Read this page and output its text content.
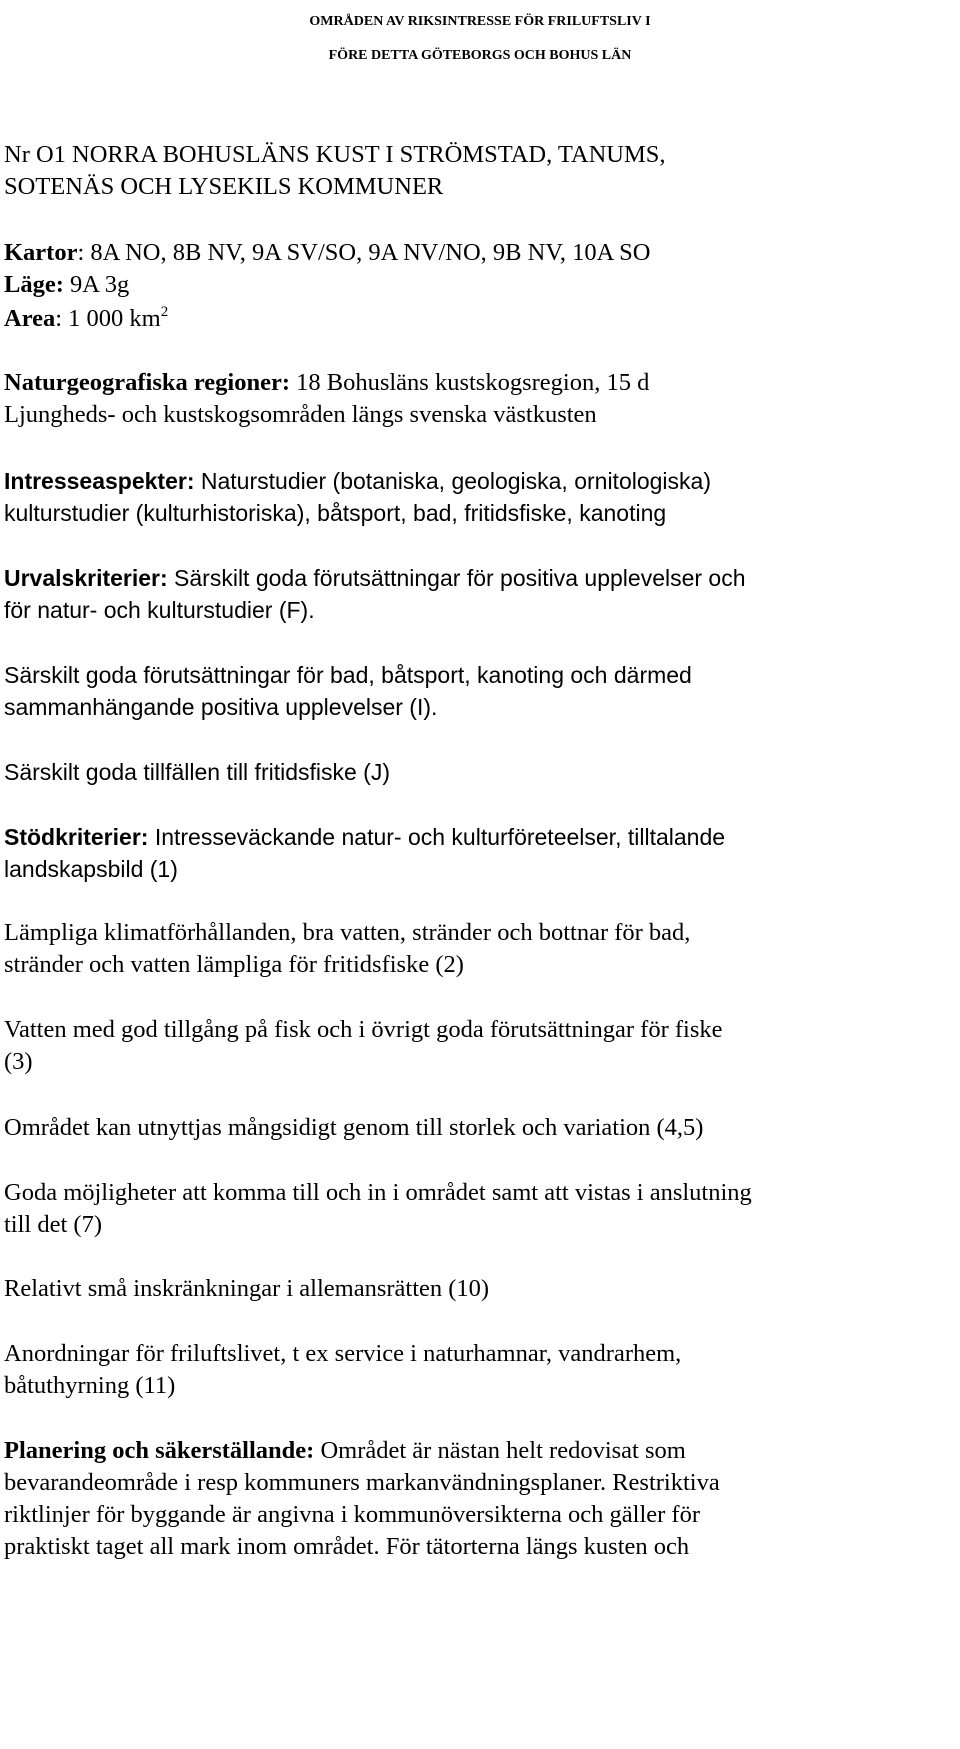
OMRÅDEN AV RIKSINTRESSE FÖR FRILUFTSLIV I
FÖRE DETTA GÖTEBORGS OCH BOHUS LÄN

Nr O1 NORRA BOHUSLÄNS KUST I STRÖMSTAD, TANUMS,

SOTENÄS OCH LYSEKILS KOMMUNER

Kartor: 8A NO, 8B NV, 9A SV/SO, 9A NV/NO, 9B NV, 10A SO

Läge: 9A 3g

Area: 1 000 $km^2$

Naturgeografiska regioner: 18 Bohusläns kustskogsregion, 15 d

Ljungheds- och kustskogsområden längs svenska västkusten

Intresseaspekter: Naturstudier (botaniska, geologiska, ornitologiska)

kulturstudier (kulturhistoriska), båtsport, bad, fritidsfiske, kanoting

Urvalskriterier: Särskilt goda förutsättningar för positiva upplevelser och

för natur- och kulturstudier (F).

Särskilt goda förutsättningar för bad, båtsport, kanoting och därmed

sammanhängande positiva upplevelser (I).

Särskilt goda tillfällen till fritidsfiske (J)

Stödkriterier: Intresseväckande natur- och kulturföreteelser, tilltalande

landskapsbild (1)

Lämpliga klimatförhållanden, bra vatten, stränder och bottnar för bad,

stränder och vatten lämpliga för fritidsfiske (2)

Vatten med god tillgång på fisk och i övrigt goda förutsättningar för fiske

(3)

Området kan utnyttjas mångsidigt genom till storlek och variation (4,5)

Goda möjligheter att komma till och in i området samt att vistas i anslutning

till det (7)

Relativt små inskränkningar i allemansrätten (10)

Anordningar för friluftslivet, t ex service i naturhamnar, vandrarhem,

båtuthyrning (11)

Planering och säkerställande: Området är nästan helt redovisat som

bevarandeområde i resp kommuners markanvändningsplaner. Restriktiva

riktlinjer för byggande är angivna i kommunöversikterna och gäller för

praktiskt taget all mark inom området. För tätorterna längs kusten och
